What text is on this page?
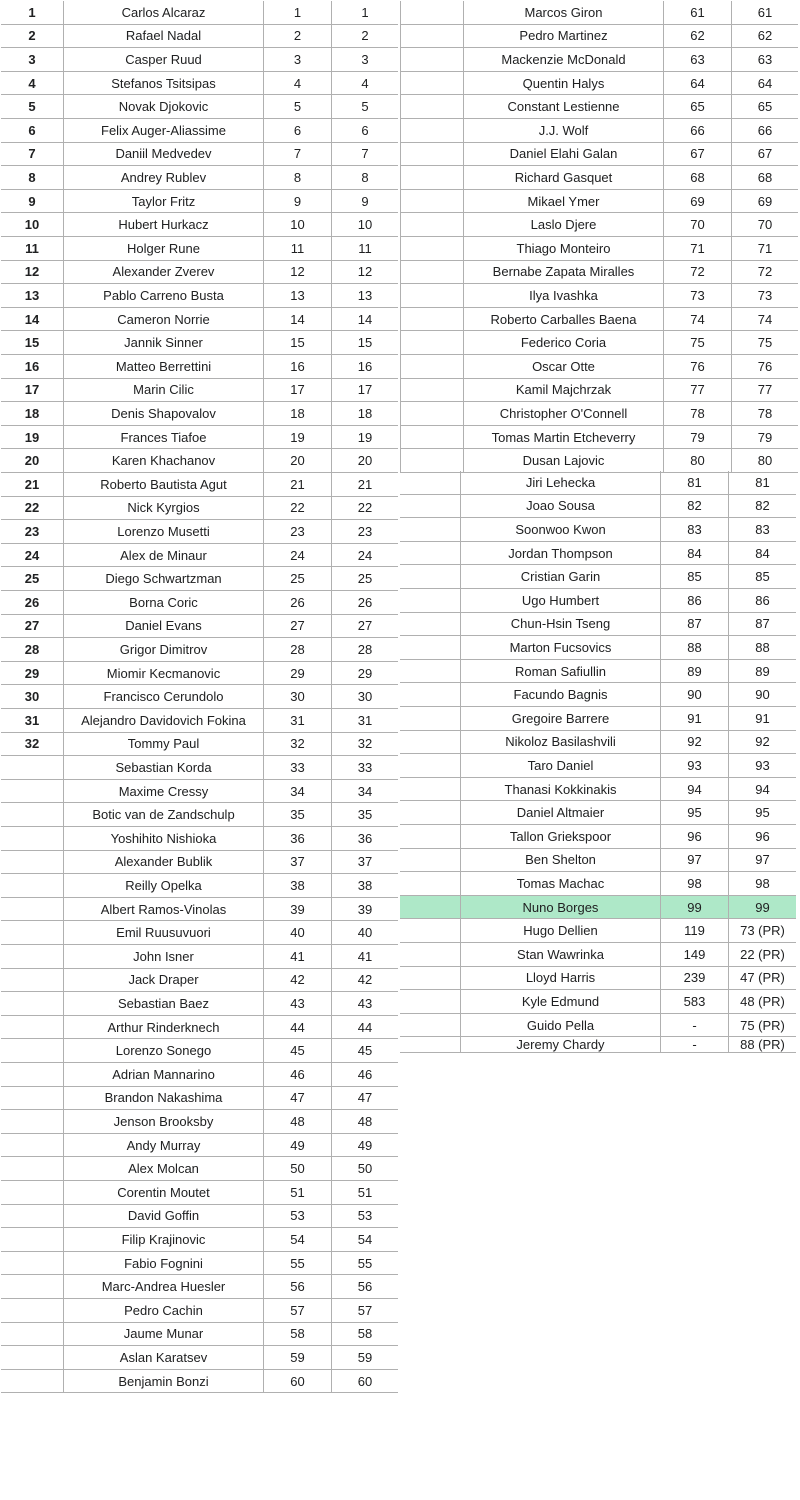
1	Carlos Alcaraz	1	1
2	Rafael Nadal	2	2
3	Casper Ruud	3	3
4	Stefanos Tsitsipas	4	4
5	Novak Djokovic	5	5
6	Felix Auger-Aliassime	6	6
7	Daniil Medvedev	7	7
8	Andrey Rublev	8	8
9	Taylor Fritz	9	9
10	Hubert Hurkacz	10	10
11	Holger Rune	11	11
12	Alexander Zverev	12	12
13	Pablo Carreno Busta	13	13
14	Cameron Norrie	14	14
15	Jannik Sinner	15	15
16	Matteo Berrettini	16	16
17	Marin Cilic	17	17
18	Denis Shapovalov	18	18
19	Frances Tiafoe	19	19
20	Karen Khachanov	20	20
21	Roberto Bautista Agut	21	21
22	Nick Kyrgios	22	22
23	Lorenzo Musetti	23	23
24	Alex de Minaur	24	24
25	Diego Schwartzman	25	25
26	Borna Coric	26	26
27	Daniel Evans	27	27
28	Grigor Dimitrov	28	28
29	Miomir Kecmanovic	29	29
30	Francisco Cerundolo	30	30
31	Alejandro Davidovich Fokina	31	31
32	Tommy Paul	32	32
Sebastian Korda	33	33
Maxime Cressy	34	34
Botic van de Zandschulp	35	35
Yoshihito Nishioka	36	36
Alexander Bublik	37	37
Reilly Opelka	38	38
Albert Ramos-Vinolas	39	39
Emil Ruusuvuori	40	40
John Isner	41	41
Jack Draper	42	42
Sebastian Baez	43	43
Arthur Rinderknech	44	44
Lorenzo Sonego	45	45
Adrian Mannarino	46	46
Brandon Nakashima	47	47
Jenson Brooksby	48	48
Andy Murray	49	49
Alex Molcan	50	50
Corentin Moutet	51	51
David Goffin	53	53
Filip Krajinovic	54	54
Fabio Fognini	55	55
Marc-Andrea Huesler	56	56
Pedro Cachin	57	57
Jaume Munar	58	58
Aslan Karatsev	59	59
Benjamin Bonzi	60	60
Marcos Giron	61	61
Pedro Martinez	62	62
Mackenzie McDonald	63	63
Quentin Halys	64	64
Constant Lestienne	65	65
J.J. Wolf	66	66
Daniel Elahi Galan	67	67
Richard Gasquet	68	68
Mikael Ymer	69	69
Laslo Djere	70	70
Thiago Monteiro	71	71
Bernabe Zapata Miralles	72	72
Ilya Ivashka	73	73
Roberto Carballes Baena	74	74
Federico Coria	75	75
Oscar Otte	76	76
Kamil Majchrzak	77	77
Christopher O'Connell	78	78
Tomas Martin Etcheverry	79	79
Dusan Lajovic	80	80
Jiri Lehecka	81	81
Joao Sousa	82	82
Soonwoo Kwon	83	83
Jordan Thompson	84	84
Cristian Garin	85	85
Ugo Humbert	86	86
Chun-Hsin Tseng	87	87
Marton Fucsovics	88	88
Roman Safiullin	89	89
Facundo Bagnis	90	90
Gregoire Barrere	91	91
Nikoloz Basilashvili	92	92
Taro Daniel	93	93
Thanasi Kokkinakis	94	94
Daniel Altmaier	95	95
Tallon Griekspoor	96	96
Ben Shelton	97	97
Tomas Machac	98	98
Nuno Borges	99	99
Hugo Dellien	119	73 (PR)
Stan Wawrinka	149	22 (PR)
Lloyd Harris	239	47 (PR)
Kyle Edmund	583	48 (PR)
Guido Pella	-	75 (PR)
Jeremy Chardy	-	88 (PR)
